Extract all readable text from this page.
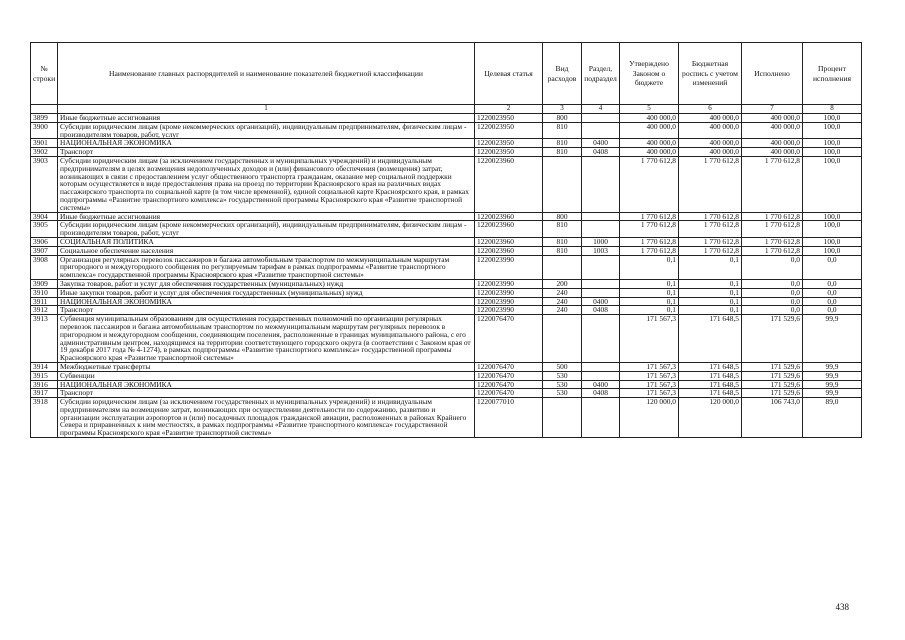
№ строки	Наименование главных распорядителей и наименование показателей бюджетной классификации	Целевая статья	Вид расходов	Раздел, подраздел	Утверждено Законом о бюджете	Бюджетная роспись с учетом изменений	Исполнено	Процент исполнения
	1	2	3	4	5	6	7	8
3899	Иные бюджетные ассигнования	1220023950	800		400 000,0	400 000,0	400 000,0	100,0
3900	Субсидии юридическим лицам (кроме некоммерческих организаций), индивидуальным предпринимателям, физическим лицам - производителям товаров, работ, услуг	1220023950	810		400 000,0	400 000,0	400 000,0	100,0
3901	НАЦИОНАЛЬНАЯ ЭКОНОМИКА	1220023950	810	0400	400 000,0	400 000,0	400 000,0	100,0
3902	Транспорт	1220023950	810	0408	400 000,0	400 000,0	400 000,0	100,0
3903	Субсидии юридическим лицам (за исключением государственных и муниципальных учреждений) и индивидуальным предпринимателям в целях возмещения недополученных доходов и (или) финансового обеспечения (возмещения) затрат, возникающих в связи с предоставлением услуг общественного транспорта гражданам, оказание мер социальной поддержки которым осуществляется в виде предоставления права на проезд по территории Красноярского края на различных видах пассажирского транспорта по социальной карте (в том числе временной), единой социальной карте Красноярского края, в рамках подпрограммы «Развитие транспортного комплекса» государственной программы Красноярского края «Развитие транспортной системы»	1220023960			1 770 612,8	1 770 612,8	1 770 612,8	100,0
3904	Иные бюджетные ассигнования	1220023960	800		1 770 612,8	1 770 612,8	1 770 612,8	100,0
3905	Субсидии юридическим лицам (кроме некоммерческих организаций), индивидуальным предпринимателям, физическим лицам - производителям товаров, работ, услуг	1220023960	810		1 770 612,8	1 770 612,8	1 770 612,8	100,0
3906	СОЦИАЛЬНАЯ ПОЛИТИКА	1220023960	810	1000	1 770 612,8	1 770 612,8	1 770 612,8	100,0
3907	Социальное обеспечение населения	1220023960	810	1003	1 770 612,8	1 770 612,8	1 770 612,8	100,0
3908	Организация регулярных перевозок пассажиров и багажа автомобильным транспортом по межмуниципальным маршрутам пригородного и междугородного сообщения по регулируемым тарифам в рамках подпрограммы «Развитие транспортного комплекса» государственной программы Красноярского края «Развитие транспортной системы»	1220023990			0,1	0,1	0,0	0,0
3909	Закупка товаров, работ и услуг для обеспечения государственных (муниципальных) нужд	1220023990	200		0,1	0,1	0,0	0,0
3910	Иные закупки товаров, работ и услуг для обеспечения государственных (муниципальных) нужд	1220023990	240		0,1	0,1	0,0	0,0
3911	НАЦИОНАЛЬНАЯ ЭКОНОМИКА	1220023990	240	0400	0,1	0,1	0,0	0,0
3912	Транспорт	1220023990	240	0408	0,1	0,1	0,0	0,0
3913	Субвенция муниципальным образованиям для осуществления государственных полномочий по организации регулярных перевозок пассажиров и багажа автомобильным транспортом по межмуниципальным маршрутам регулярных перевозок в пригородном и междугородном сообщении, соединяющим поселения, расположенные в границах муниципального района, с его административным центром, находящимся на территории соответствующего городского округа (в соответствии с Законом края от 19 декабря 2017 года № 4-1274), в рамках подпрограммы «Развитие транспортного комплекса» государственной программы Красноярского края «Развитие транспортной системы»	1220076470			171 567,3	171 648,5	171 529,6	99,9
3914	Межбюджетные трансферты	1220076470	500		171 567,3	171 648,5	171 529,6	99,9
3915	Субвенции	1220076470	530		171 567,3	171 648,5	171 529,6	99,9
3916	НАЦИОНАЛЬНАЯ ЭКОНОМИКА	1220076470	530	0400	171 567,3	171 648,5	171 529,6	99,9
3917	Транспорт	1220076470	530	0408	171 567,3	171 648,5	171 529,6	99,9
3918	Субсидии юридическим лицам (за исключением государственных и муниципальных учреждений) и индивидуальным предпринимателям на возмещение затрат, возникающих при осуществлении деятельности по содержанию, развитию и организации эксплуатации аэропортов и (или) посадочных площадок гражданской авиации, расположенных в районах Крайнего Севера и приравненных к ним местностях, в рамках подпрограммы «Развитие транспортного комплекса» государственной программы Красноярского края «Развитие транспортной системы»	1220077010			120 000,0	120 000,0	106 743,0	89,0
438
